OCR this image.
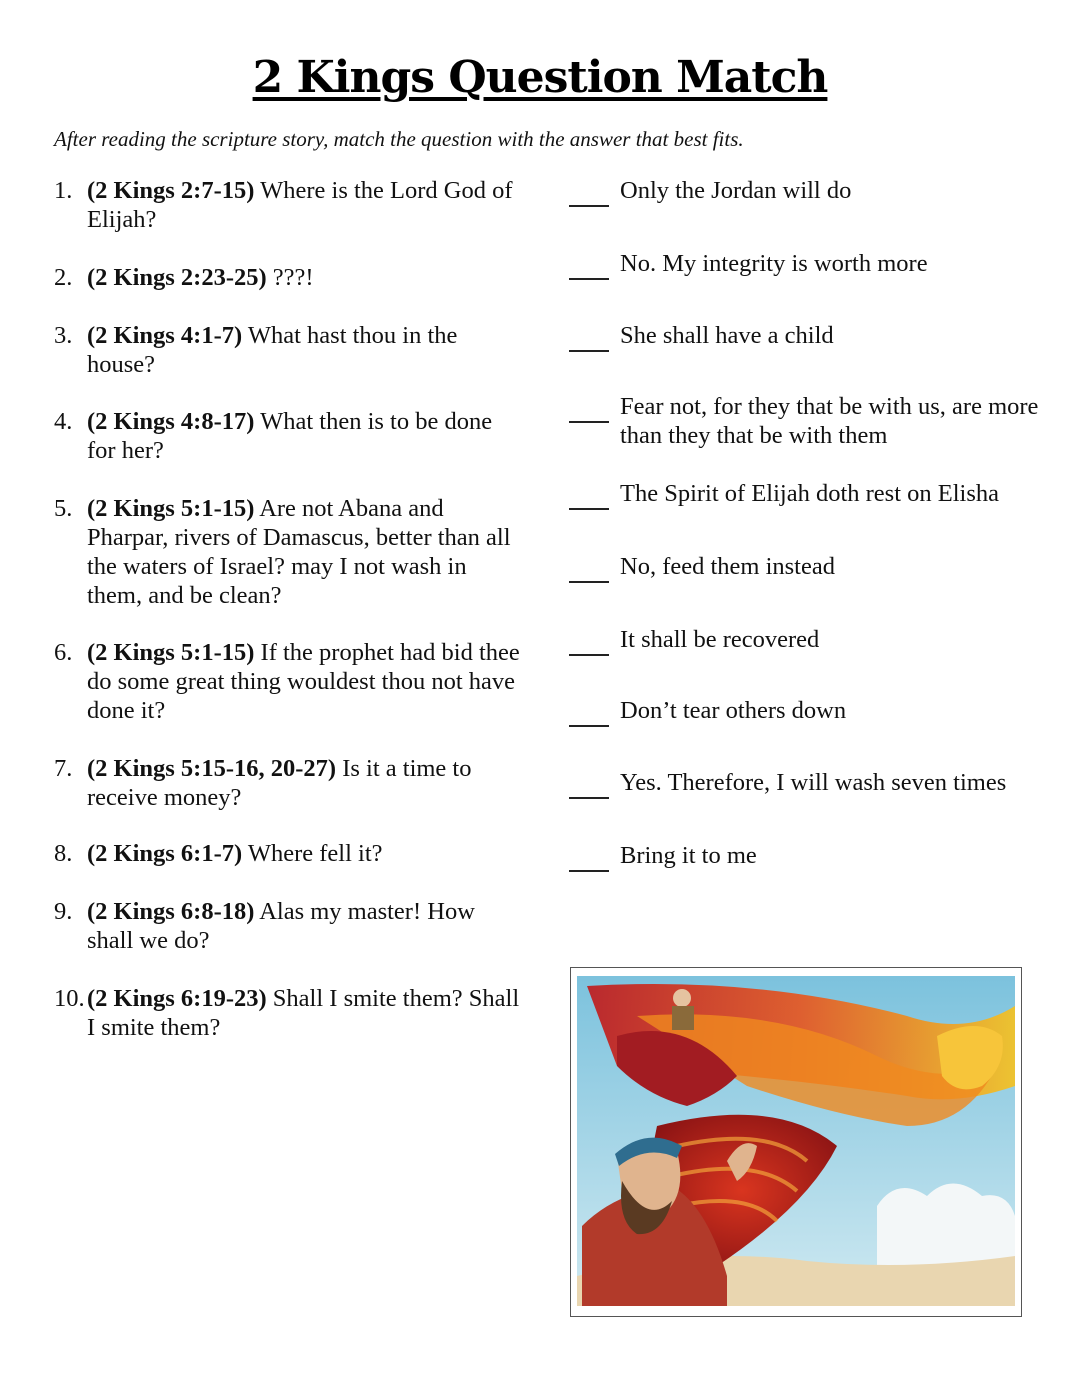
2 Kings Question Match
After reading the scripture story, match the question with the answer that best fits.
1. (2 Kings 2:7-15) Where is the Lord God of Elijah?
2. (2 Kings 2:23-25) ???!
3. (2 Kings 4:1-7) What hast thou in the house?
4. (2 Kings 4:8-17) What then is to be done for her?
5. (2 Kings 5:1-15) Are not Abana and Pharpar, rivers of Damascus, better than all the waters of Israel? may I not wash in them, and be clean?
6. (2 Kings 5:1-15) If the prophet had bid thee do some great thing wouldest thou not have done it?
7. (2 Kings 5:15-16, 20-27) Is it a time to receive money?
8. (2 Kings 6:1-7) Where fell it?
9. (2 Kings 6:8-18) Alas my master! How shall we do?
10. (2 Kings 6:19-23) Shall I smite them? Shall I smite them?
Only the Jordan will do
No. My integrity is worth more
She shall have a child
Fear not, for they that be with us, are more than they that be with them
The Spirit of Elijah doth rest on Elisha
No, feed them instead
It shall be recovered
Don’t tear others down
Yes. Therefore, I will wash seven times
Bring it to me
